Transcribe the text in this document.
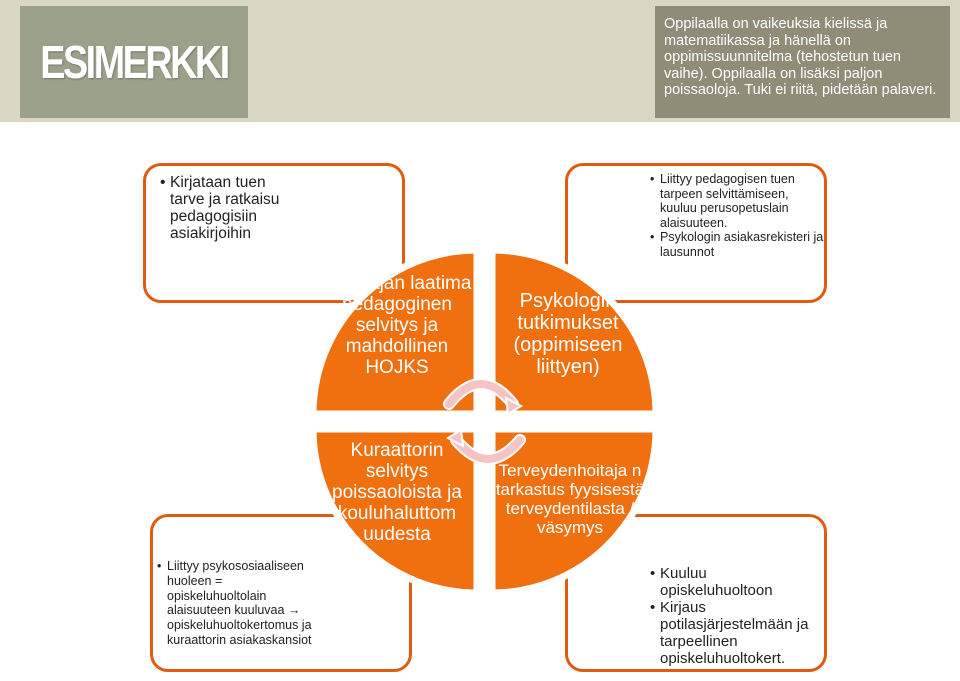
ESIMERKKI

Oppilaalla on vaikeuksia kielissä ja matematiikassa ja hänellä on oppimissuunnitelma (tehostetun tuen vaihe). Oppilaalla on lisäksi paljon poissaoloja. Tuki ei riitä, pidetään palaveri.

• Kirjataan tuen tarve ja ratkaisu pedagogisiin asiakirjoihin
• Liittyy pedagogisen tuen tarpeen selvittämiseen, kuuluu perusopetuslain alaisuuteen.
• Psykologin asiakasrekisteri ja lausunnot
• Liittyy psykososiaaliseen huoleen = opiskeluhuoltolain alaisuuteen kuuluvaa → opiskeluhuoltokertomus ja kuraattorin asiakaskansiot
• Kuuluu opiskeluhuoltoon
• Kirjaus potilasjärjestelmään ja tarpeellinen opiskeluhuoltokert.

Opettajan laatima pedagoginen selvitys ja mahdollinen HOJKS

Psykologin tutkimukset (oppimiseen liittyen)

Kuraattorin selvitys poissaoloista ja kouluhaluttom uudesta

Terveydenhoitaja n tarkastus fyysisestä terveydentilasta / väsymys
